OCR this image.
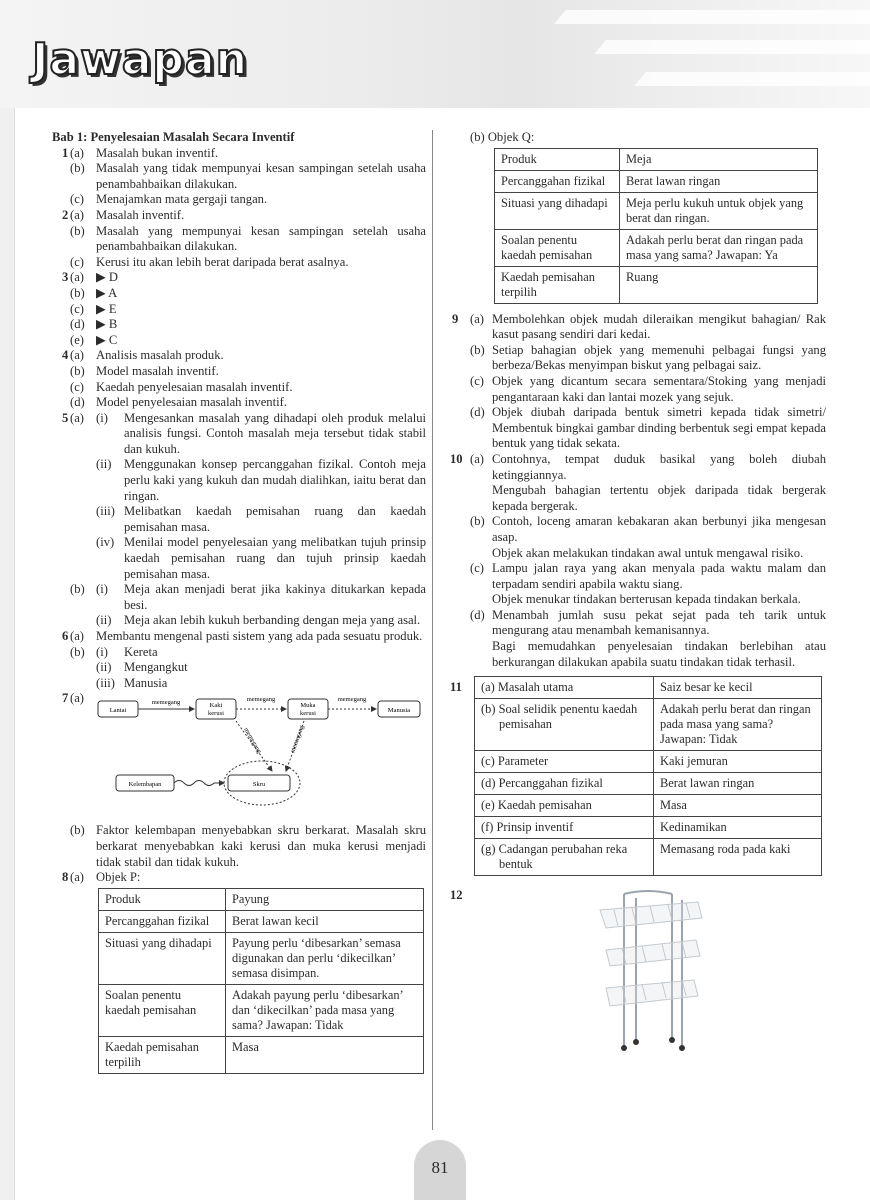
Jawapan
Bab 1: Penyelesaian Masalah Secara Inventif
1 (a) Masalah bukan inventif.
(b) Masalah yang tidak mempunyai kesan sampingan setelah usaha penambahbaikan dilakukan.
(c) Menajamkan mata gergaji tangan.
2 (a) Masalah inventif.
(b) Masalah yang mempunyai kesan sampingan setelah usaha penambahbaikan dilakukan.
(c) Kerusi itu akan lebih berat daripada berat asalnya.
3 (a) ▶ D
(b) ▶ A
(c) ▶ E
(d) ▶ B
(e) ▶ C
4 (a) Analisis masalah produk.
(b) Model masalah inventif.
(c) Kaedah penyelesaian masalah inventif.
(d) Model penyelesaian masalah inventif.
5 (a) (i) Mengesankan masalah yang dihadapi oleh produk melalui analisis fungsi. Contoh masalah meja tersebut tidak stabil dan kukuh.
(ii) Menggunakan konsep percanggahan fizikal. Contoh meja perlu kaki yang kukuh dan mudah dialihkan, iaitu berat dan ringan.
(iii) Melibatkan kaedah pemisahan ruang dan kaedah pemisahan masa.
(iv) Menilai model penyelesaian yang melibatkan tujuh prinsip kaedah pemisahan ruang dan tujuh prinsip kaedah pemisahan masa.
(b) (i) Meja akan menjadi berat jika kakinya ditukarkan kepada besi.
(ii) Meja akan lebih kukuh berbanding dengan meja yang asal.
6 (a) Membantu mengenal pasti sistem yang ada pada sesuatu produk.
(b) (i) Kereta
(ii) Mengangkut
(iii) Manusia
7 (a)
Lantai
Kaki
kerusi
Muka
kerusi	Manusia
memegang	memegang	memegang
memegang	memegang
Kelembapan	Skru
(b) Faktor kelembapan menyebabkan skru berkarat. Masalah skru berkarat menyebabkan kaki kerusi dan muka kerusi menjadi tidak stabil dan tidak kukuh.
8 (a) Objek P:
Produk	Payung
Percanggahan fizikal	Berat lawan kecil
Situasi yang dihadapi	Payung perlu ‘dibesarkan’ semasa digunakan dan perlu ‘dikecilkan’ semasa disimpan.
Soalan penentu kaedah pemisahan	Adakah payung perlu ‘dibesarkan’ dan ‘dikecilkan’ pada masa yang sama? Jawapan: Tidak
Kaedah pemisahan terpilih	Masa
(b) Objek Q:
Produk	Meja
Percanggahan fizikal	Berat lawan ringan
Situasi yang dihadapi	Meja perlu kukuh untuk objek yang berat dan ringan.
Soalan penentu kaedah pemisahan	Adakah perlu berat dan ringan pada masa yang sama? Jawapan: Ya
Kaedah pemisahan terpilih	Ruang
9 (a) Membolehkan objek mudah dileraikan mengikut bahagian/ Rak kasut pasang sendiri dari kedai.
(b) Setiap bahagian objek yang memenuhi pelbagai fungsi yang berbeza/Bekas menyimpan biskut yang pelbagai saiz.
(c) Objek yang dicantum secara sementara/Stoking yang menjadi pengantaraan kaki dan lantai mozek yang sejuk.
(d) Objek diubah daripada bentuk simetri kepada tidak simetri/ Membentuk bingkai gambar dinding berbentuk segi empat kepada bentuk yang tidak sekata.
10 (a) Contohnya, tempat duduk basikal yang boleh diubah ketinggiannya.
Mengubah bahagian tertentu objek daripada tidak bergerak kepada bergerak.
(b) Contoh, loceng amaran kebakaran akan berbunyi jika mengesan asap.
Objek akan melakukan tindakan awal untuk mengawal risiko.
(c) Lampu jalan raya yang akan menyala pada waktu malam dan terpadam sendiri apabila waktu siang.
Objek menukar tindakan berterusan kepada tindakan berkala.
(d) Menambah jumlah susu pekat sejat pada teh tarik untuk mengurang atau menambah kemanisannya.
Bagi memudahkan penyelesaian tindakan berlebihan atau berkurangan dilakukan apabila suatu tindakan tidak terhasil.
11 (a) Masalah utama	Saiz besar ke kecil
(b) Soal selidik penentu kaedah pemisahan	Adakah perlu berat dan ringan pada masa yang sama? Jawapan: Tidak
(c) Parameter	Kaki jemuran
(d) Percanggahan fizikal	Berat lawan ringan
(e) Kaedah pemisahan	Masa
(f) Prinsip inventif	Kedinamikan
(g) Cadangan perubahan reka bentuk	Memasang roda pada kaki
12
81
